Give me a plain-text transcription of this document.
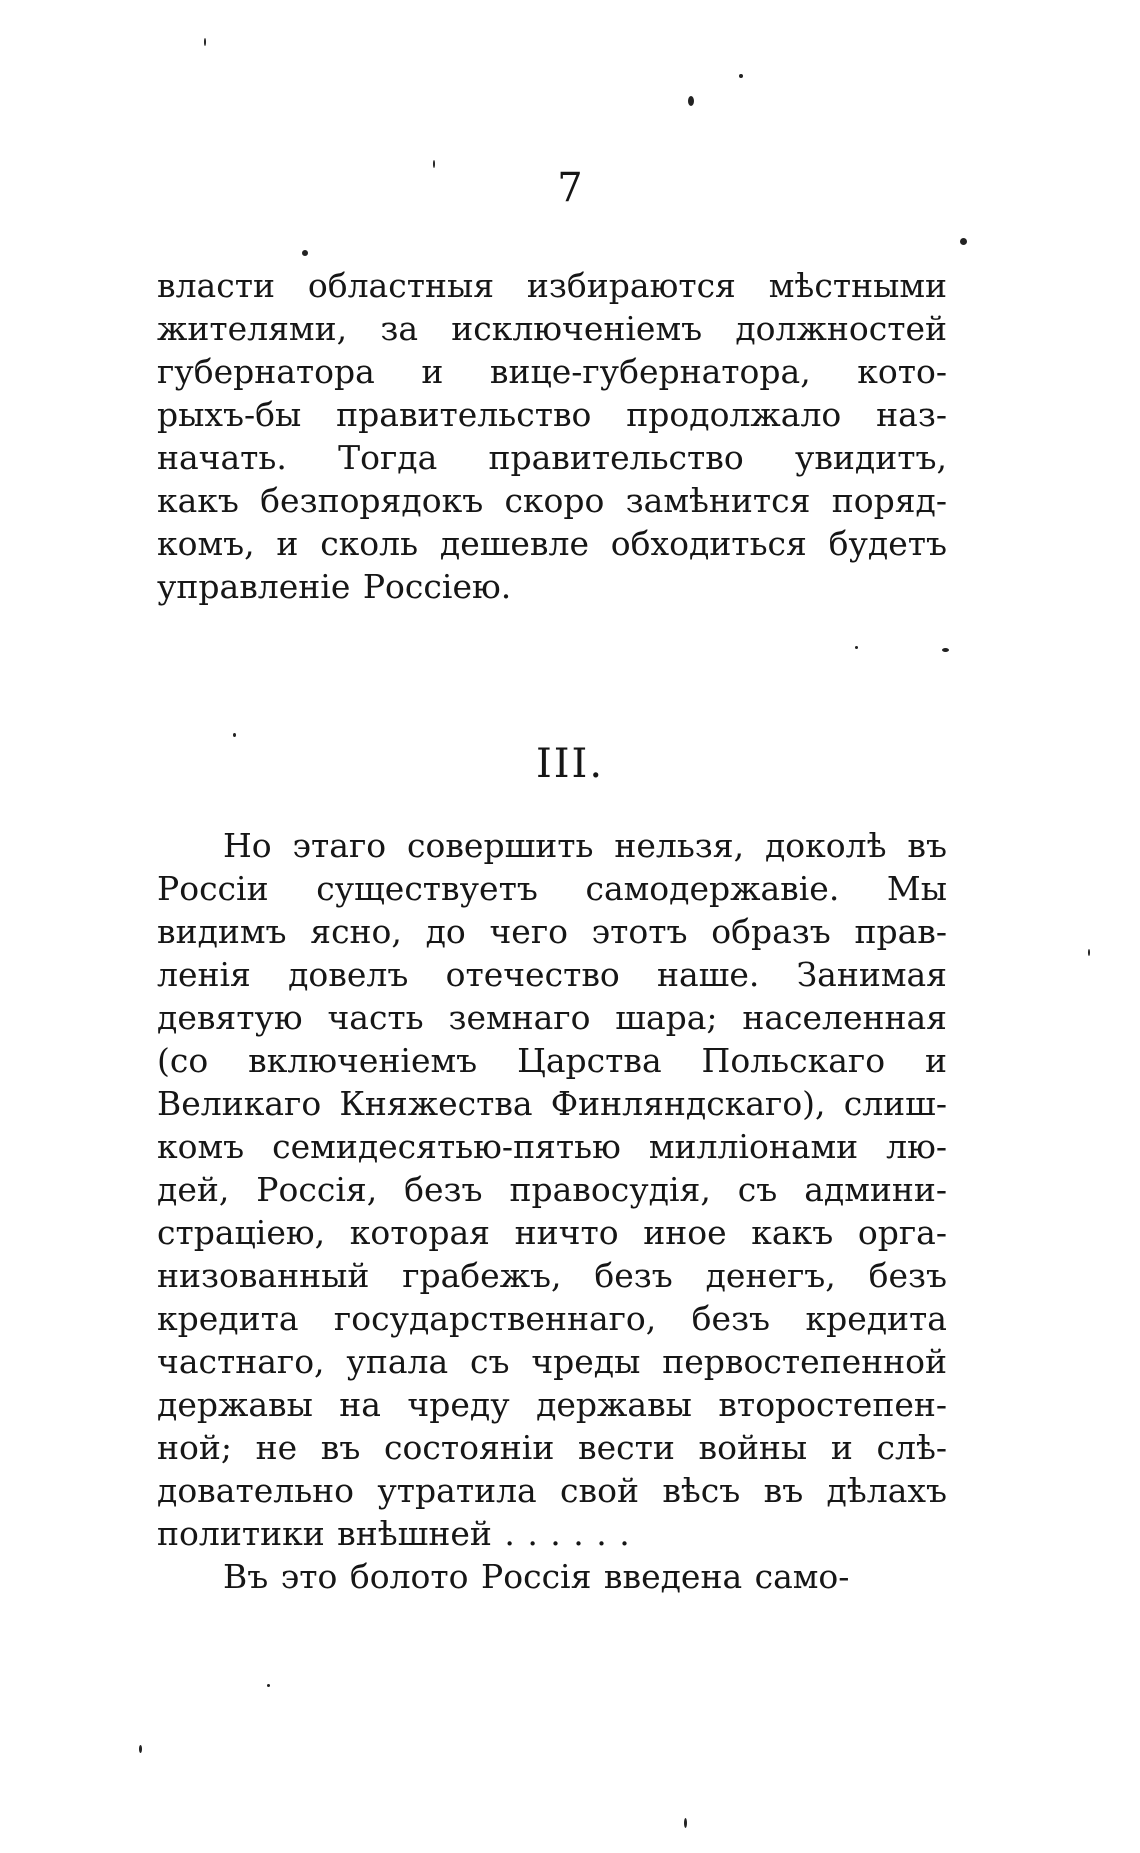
7
власти областныя избираются мѣстными
жителями, за исключеніемъ должностей
губернатора и вице-губернатора, кото-
рыхъ-бы правительство продолжало наз-
начать. Тогда правительство увидитъ,
какъ безпорядокъ скоро замѣнится поряд-
комъ, и сколь дешевле обходиться будетъ
управленіе Россіею.
III.
Но этаго совершить нельзя, доколѣ въ
Россіи существуетъ самодержавіе. Мы
видимъ ясно, до чего этотъ образъ прав-
ленія довелъ отечество наше. Занимая
девятую часть земнаго шара; населенная
(со включеніемъ Царства Польскаго и
Великаго Княжества Финляндскаго), слиш-
комъ семидесятью-пятью милліонами лю-
дей, Россія, безъ правосудія, съ админи-
страціею, которая ничто иное какъ орга-
низованный грабежъ, безъ денегъ, безъ
кредита государственнаго, безъ кредита
частнаго, упала съ чреды первостепенной
державы на чреду державы второстепен-
ной; не въ состояніи вести войны и слѣ-
довательно утратила свой вѣсъ въ дѣлахъ
политики внѣшней . . . . . .
Въ это болото Россія введена само-
